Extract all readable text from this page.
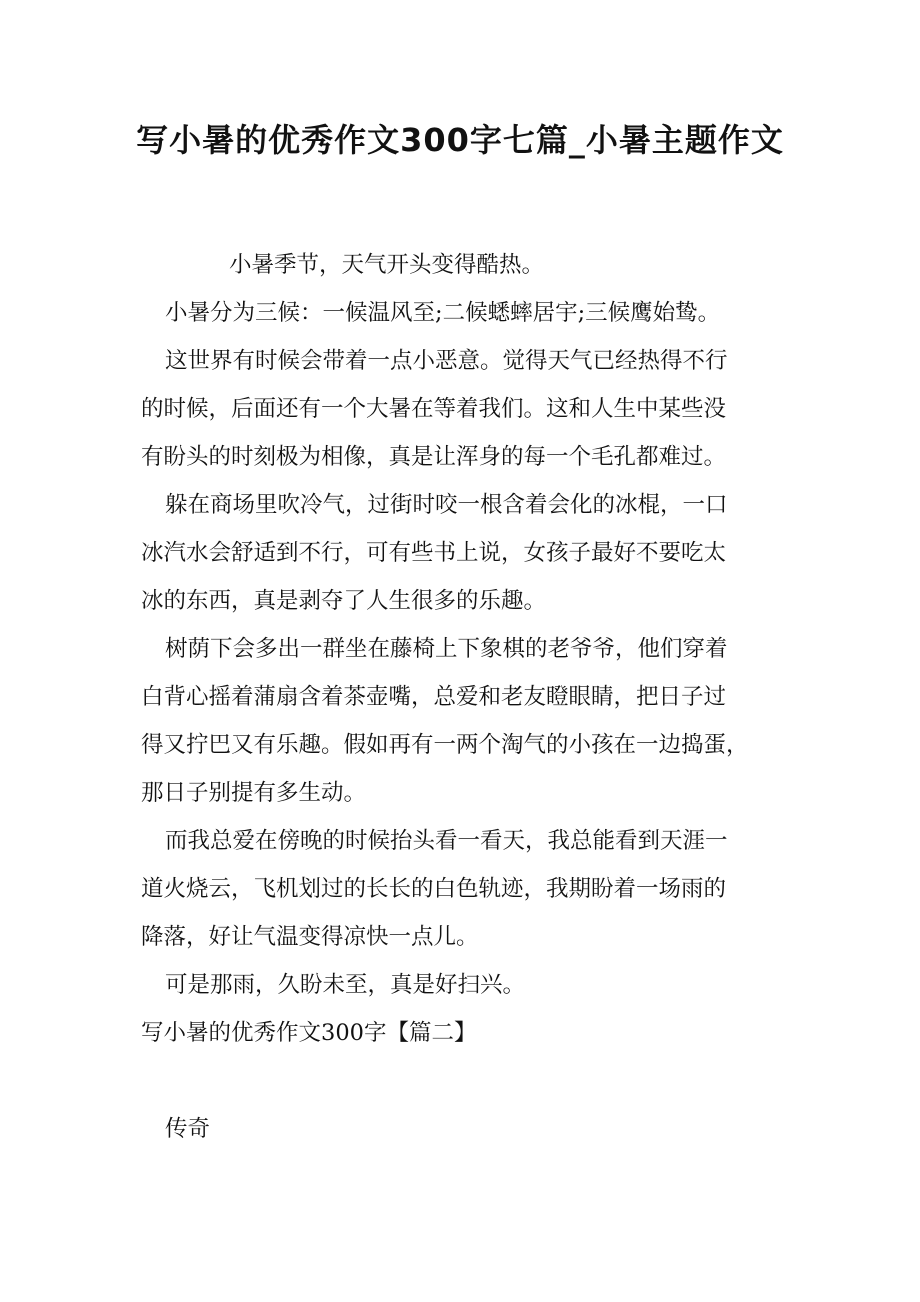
写小暑的优秀作文300字七篇_小暑主题作文

小暑季节，天气开头变得酷热。

小暑分为三候：一候温风至;二候蟋蟀居宇;三候鹰始鸷。

这世界有时候会带着一点小恶意。觉得天气已经热得不行

的时候，后面还有一个大暑在等着我们。这和人生中某些没

有盼头的时刻极为相像，真是让浑身的每一个毛孔都难过。

躲在商场里吹冷气，过街时咬一根含着会化的冰棍，一口

冰汽水会舒适到不行，可有些书上说，女孩子最好不要吃太

冰的东西，真是剥夺了人生很多的乐趣。

树荫下会多出一群坐在藤椅上下象棋的老爷爷，他们穿着

白背心摇着蒲扇含着茶壶嘴，总爱和老友瞪眼睛，把日子过

得又拧巴又有乐趣。假如再有一两个淘气的小孩在一边捣蛋，

那日子别提有多生动。

而我总爱在傍晚的时候抬头看一看天，我总能看到天涯一

道火烧云，飞机划过的长长的白色轨迹，我期盼着一场雨的

降落，好让气温变得凉快一点儿。

可是那雨，久盼未至，真是好扫兴。

写小暑的优秀作文300字【篇二】

传奇
